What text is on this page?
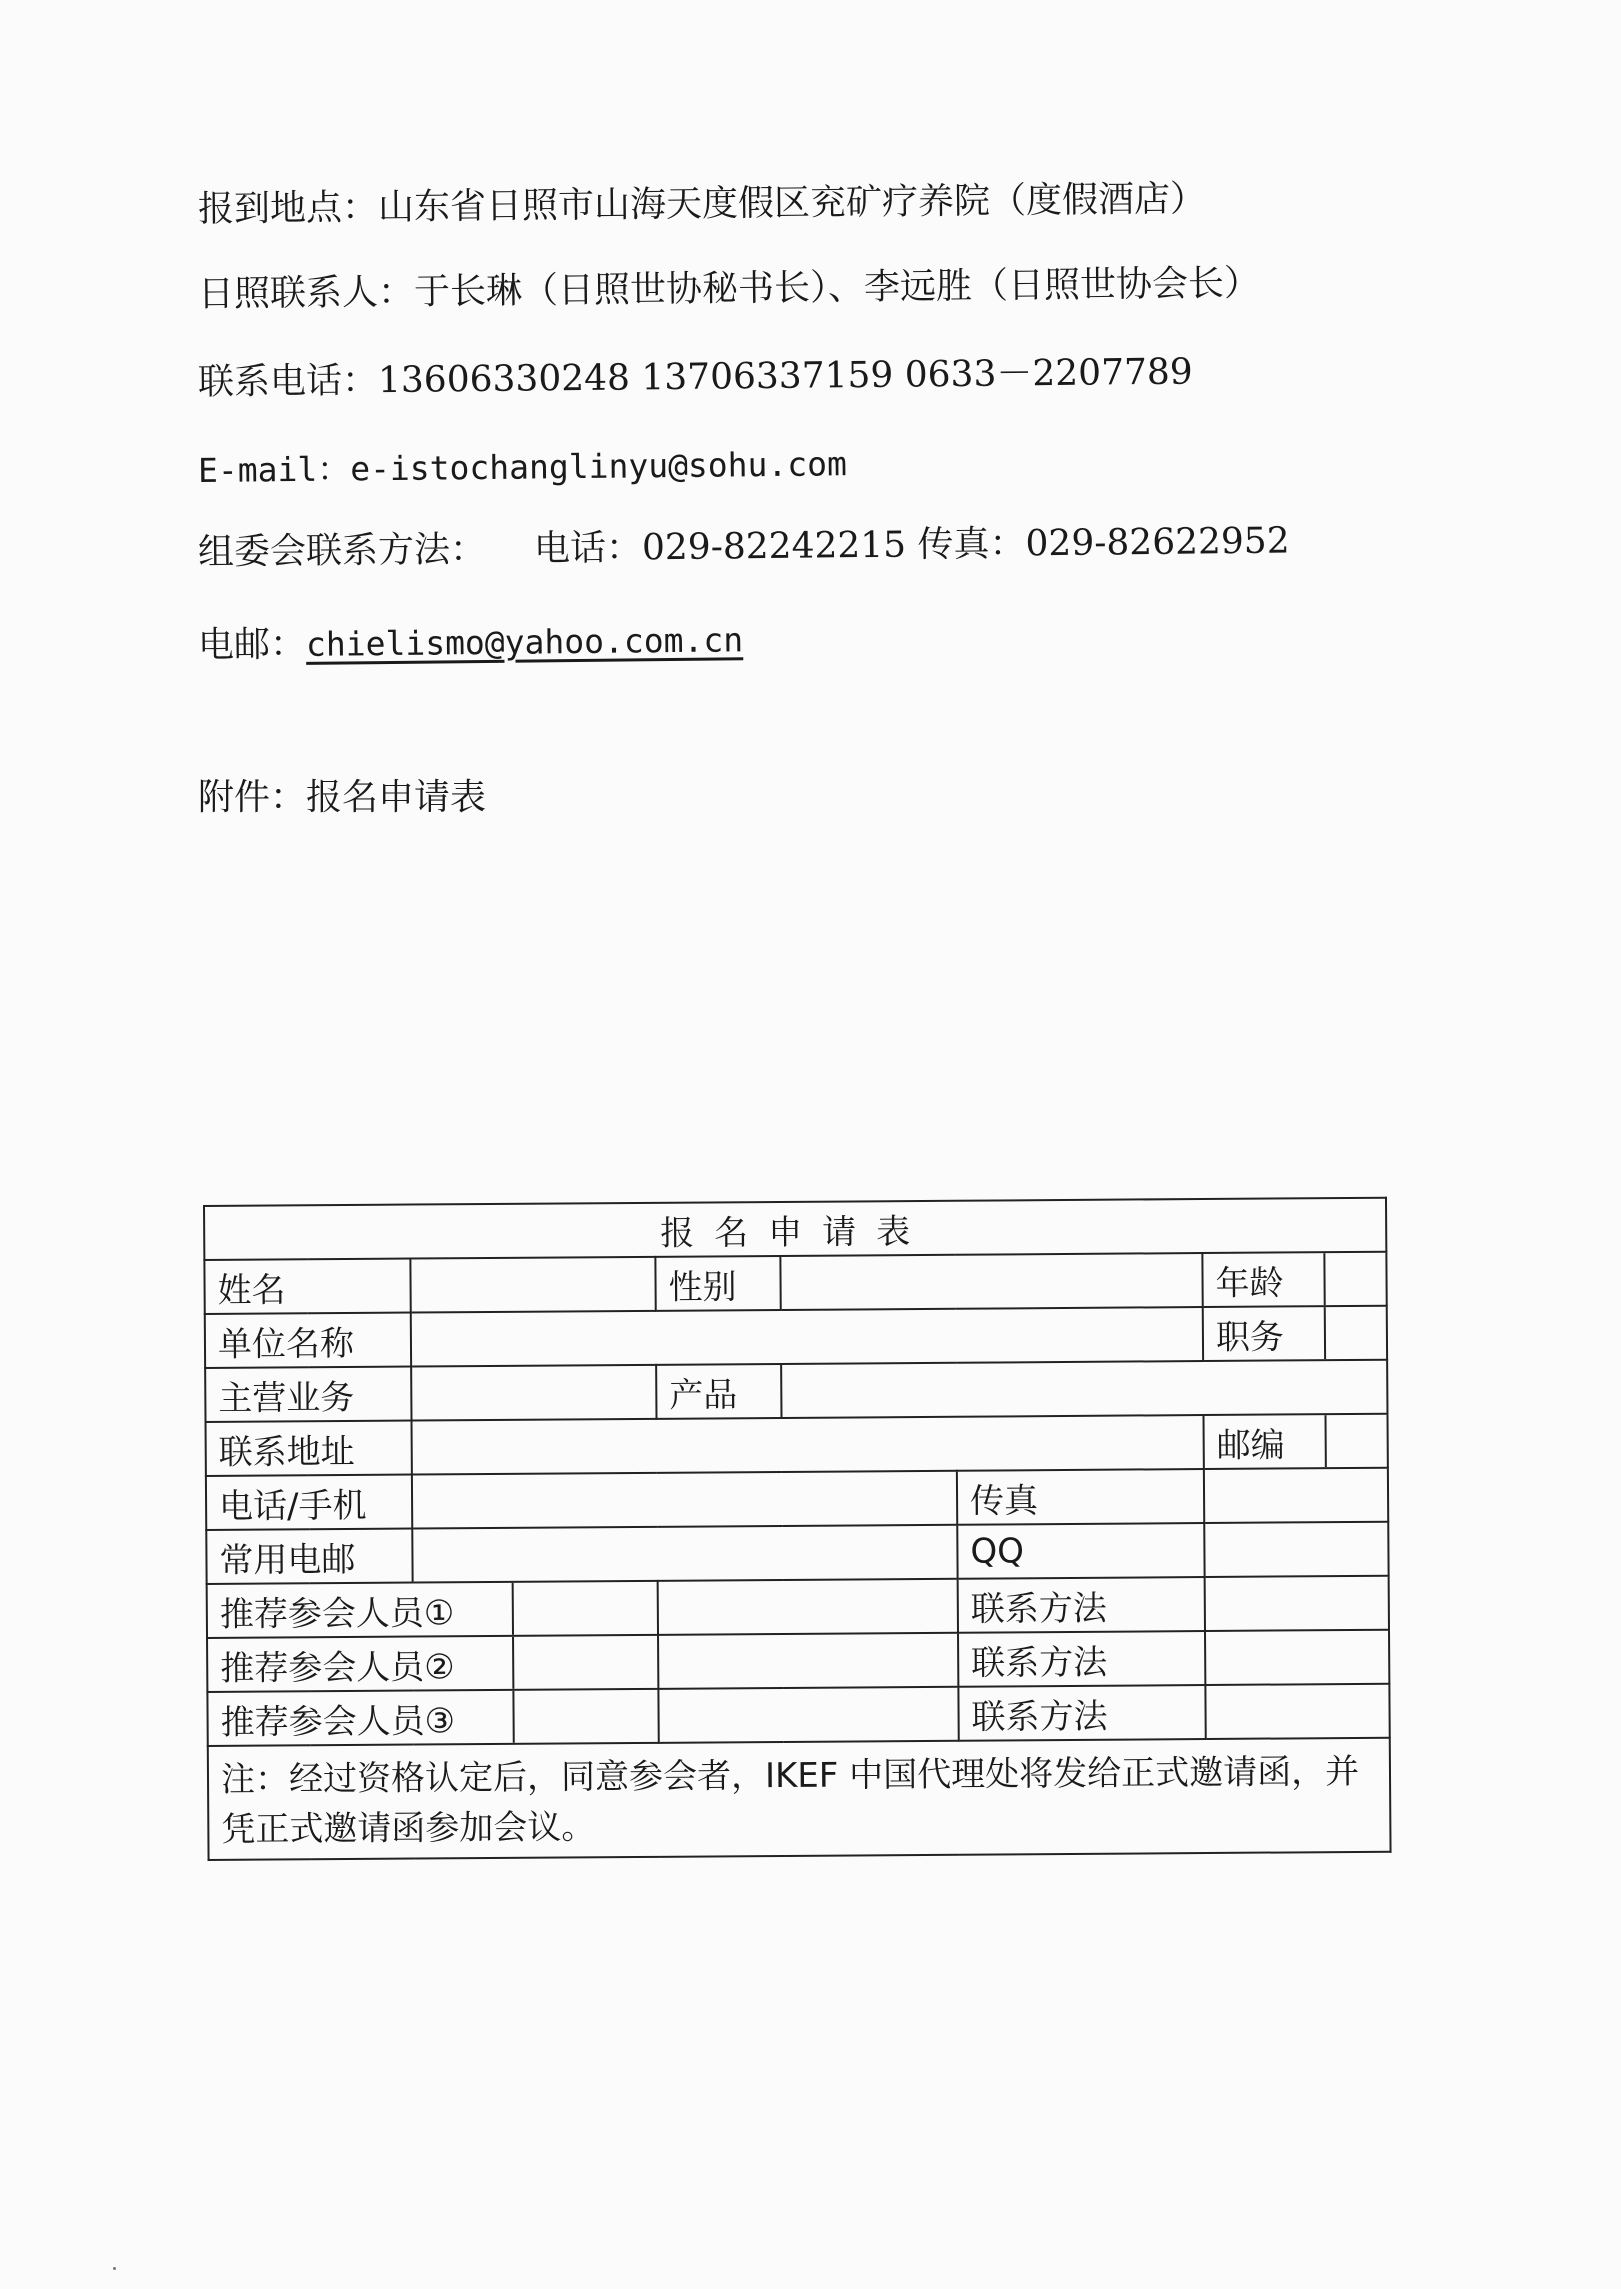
报到地点：山东省日照市山海天度假区兖矿疗养院（度假酒店）
日照联系人：于长琳（日照世协秘书长）、李远胜（日照世协会长）
联系电话：13606330248 13706337159 0633－2207789
E-mail：e-istochanglinyu@sohu.com
组委会联系方法： 电话：029-82242215 传真：029-82622952
电邮：chielismo@yahoo.com.cn
附件：报名申请表
报名申请表					
姓名		性别			年龄

单位名称					职务

主营业务		产品			
联系地址					邮编

电话/手机				传真	
常用电邮				QQ	

推荐参会人员①				联系方法	

推荐参会人员②				联系方法	

推荐参会人员③				联系方法	
注：经过资格认定后，同意参会者，IKEF 中国代理处将发给正式邀请函，并凭正式邀请函参加会议。					
